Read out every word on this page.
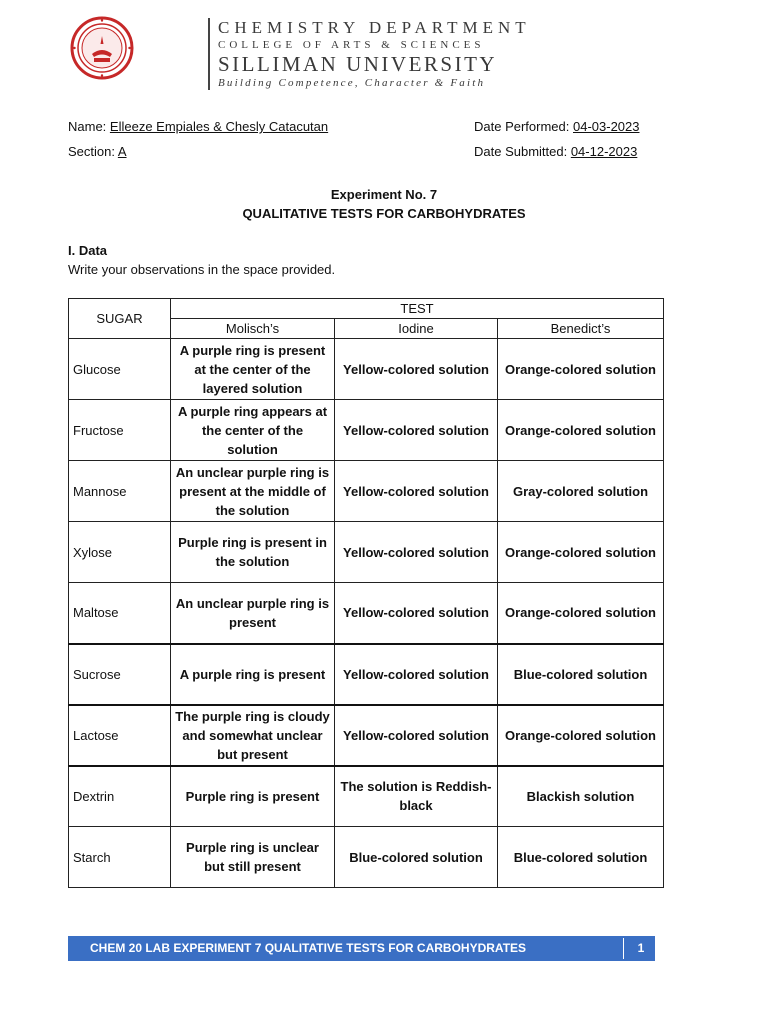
CHEMISTRY DEPARTMENT
COLLEGE OF ARTS & SCIENCES
SILLIMAN UNIVERSITY
Building Competence, Character & Faith
Name: Elleeze Empiales & Chesly Catacutan	Date Performed: 04-03-2023
Section: A	Date Submitted: 04-12-2023
Experiment No. 7
QUALITATIVE TESTS FOR CARBOHYDRATES
I. Data
Write your observations in the space provided.
SUGAR	TEST		
	Molisch’s	Iodine	Benedict’s
Glucose	A purple ring is present at the center of the layered solution	Yellow-colored solution	Orange-colored solution
Fructose	A purple ring appears at the center of the solution	Yellow-colored solution	Orange-colored solution
Mannose	An unclear purple ring is present at the middle of the solution	Yellow-colored solution	Gray-colored solution
Xylose	Purple ring is present in the solution	Yellow-colored solution	Orange-colored solution
Maltose	An unclear purple ring is present	Yellow-colored solution	Orange-colored solution
Sucrose	A purple ring is present	Yellow-colored solution	Blue-colored solution
Lactose	The purple ring is cloudy and somewhat unclear but present	Yellow-colored solution	Orange-colored solution
Dextrin	Purple ring is present	The solution is Reddish-black	Blackish solution
Starch	Purple ring is unclear but still present	Blue-colored solution	Blue-colored solution
CHEM 20 LAB EXPERIMENT 7 QUALITATIVE TESTS FOR CARBOHYDRATES	1
